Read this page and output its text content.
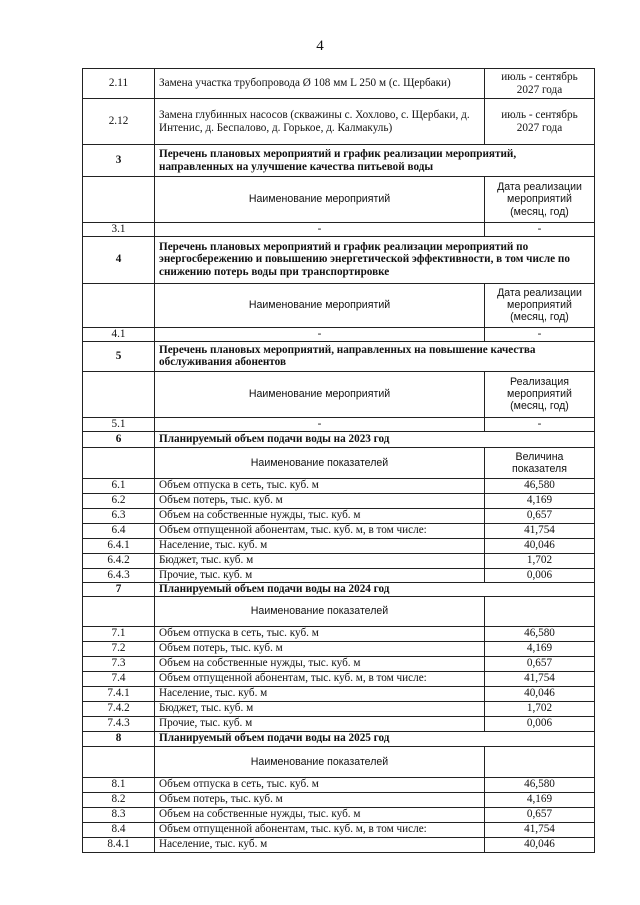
4
2.11	Замена участка трубопровода Ø 108 мм L 250 м (с. Щербаки)	июль - сентябрь 2027 года
2.12	Замена глубинных насосов (скважины с. Хохлово, с. Щербаки, д. Интенис, д. Беспалово, д. Горькое, д. Калмакуль)	июль - сентябрь 2027 года
3	Перечень плановых мероприятий и график реализации мероприятий, направленных на улучшение качества питьевой воды	
	Наименование мероприятий	Дата реализации мероприятий (месяц, год)
3.1	-	-
4	Перечень плановых мероприятий и график реализации мероприятий по энергосбережению и повышению энергетической эффективности, в том числе по снижению потерь воды при транспортировке	
	Наименование мероприятий	Дата реализации мероприятий (месяц, год)
4.1	-	-
5	Перечень плановых мероприятий, направленных на повышение качества обслуживания абонентов	
	Наименование мероприятий	Реализация мероприятий (месяц, год)
5.1	-	-
6	Планируемый объем подачи воды на 2023 год	
	Наименование показателей	Величина показателя
6.1	Объем отпуска в сеть, тыс. куб. м	46,580
6.2	Объем потерь, тыс. куб. м	4,169
6.3	Объем на собственные нужды, тыс. куб. м	0,657
6.4	Объем отпущенной абонентам, тыс. куб. м, в том числе:	41,754
6.4.1	Население, тыс. куб. м	40,046
6.4.2	Бюджет, тыс. куб. м	1,702
6.4.3	Прочие, тыс. куб. м	0,006
7	Планируемый объем подачи воды на 2024 год	
	Наименование показателей	
7.1	Объем отпуска в сеть, тыс. куб. м	46,580
7.2	Объем потерь, тыс. куб. м	4,169
7.3	Объем на собственные нужды, тыс. куб. м	0,657
7.4	Объем отпущенной абонентам, тыс. куб. м, в том числе:	41,754
7.4.1	Население, тыс. куб. м	40,046
7.4.2	Бюджет, тыс. куб. м	1,702
7.4.3	Прочие, тыс. куб. м	0,006
8	Планируемый объем подачи воды на 2025 год	
	Наименование показателей	
8.1	Объем отпуска в сеть, тыс. куб. м	46,580
8.2	Объем потерь, тыс. куб. м	4,169
8.3	Объем на собственные нужды, тыс. куб. м	0,657
8.4	Объем отпущенной абонентам, тыс. куб. м, в том числе:	41,754
8.4.1	Население, тыс. куб. м	40,046
